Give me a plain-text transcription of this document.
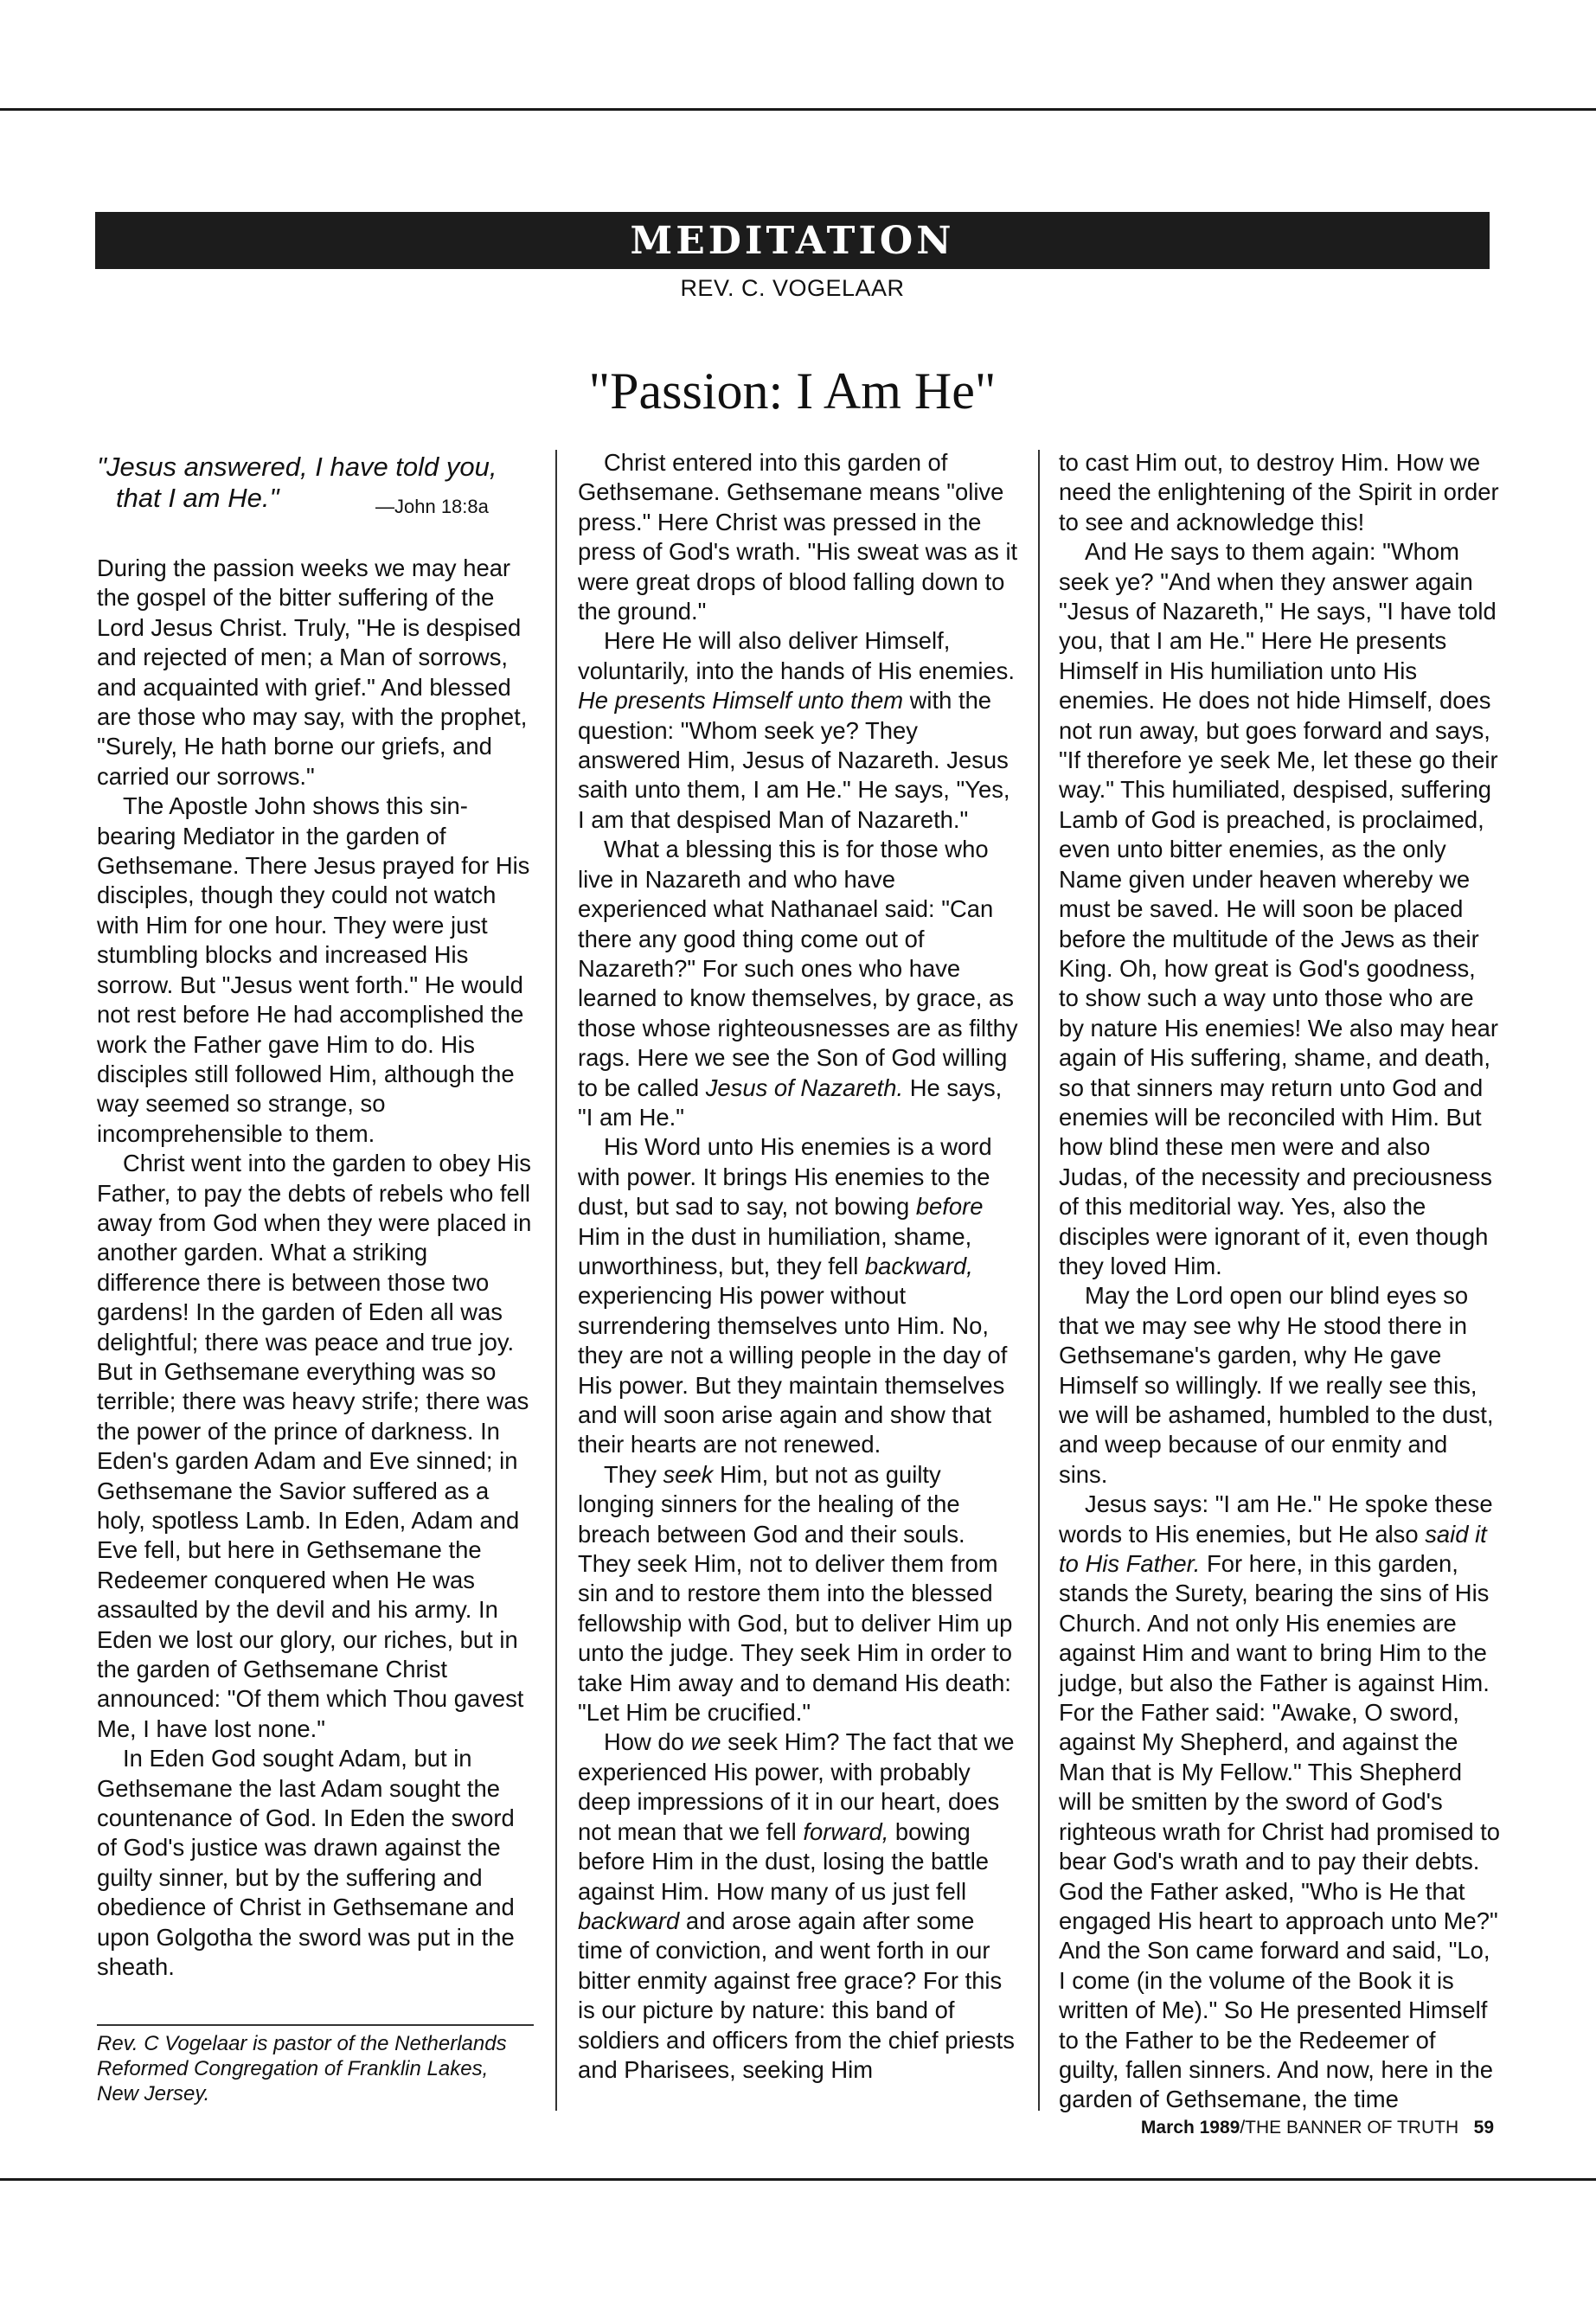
MEDITATION
REV. C. VOGELAAR
"Passion: I Am He"
"Jesus answered, I have told you,
that I am He."	—John 18:8a

During the passion weeks we may hear the gospel of the bitter suffering of the Lord Jesus Christ. Truly, "He is despised and rejected of men; a Man of sorrows, and acquainted with grief." And blessed are those who may say, with the prophet, "Surely, He hath borne our griefs, and carried our sorrows."

The Apostle John shows this sin-bearing Mediator in the garden of Gethsemane. There Jesus prayed for His disciples, though they could not watch with Him for one hour. They were just stumbling blocks and increased His sorrow. But "Jesus went forth." He would not rest before He had accomplished the work the Father gave Him to do. His disciples still followed Him, although the way seemed so strange, so incomprehensible to them.

Christ went into the garden to obey His Father, to pay the debts of rebels who fell away from God when they were placed in another garden. What a striking difference there is between those two gardens! In the garden of Eden all was delightful; there was peace and true joy. But in Gethsemane everything was so terrible; there was heavy strife; there was the power of the prince of darkness. In Eden's garden Adam and Eve sinned; in Gethsemane the Savior suffered as a holy, spotless Lamb. In Eden, Adam and Eve fell, but here in Gethsemane the Redeemer conquered when He was assaulted by the devil and his army. In Eden we lost our glory, our riches, but in the garden of Gethsemane Christ announced: "Of them which Thou gavest Me, I have lost none."

In Eden God sought Adam, but in Gethsemane the last Adam sought the countenance of God. In Eden the sword of God's justice was drawn against the guilty sinner, but by the suffering and obedience of Christ in Gethsemane and upon Golgotha the sword was put in the sheath.

Rev. C Vogelaar is pastor of the Netherlands Reformed Congregation of Franklin Lakes, New Jersey.

Christ entered into this garden of Gethsemane. Gethsemane means "olive press." Here Christ was pressed in the press of God's wrath. "His sweat was as it were great drops of blood falling down to the ground."

Here He will also deliver Himself, voluntarily, into the hands of His enemies. He presents Himself unto them with the question: "Whom seek ye? They answered Him, Jesus of Nazareth. Jesus saith unto them, I am He." He says, "Yes, I am that despised Man of Nazareth."

What a blessing this is for those who live in Nazareth and who have experienced what Nathanael said: "Can there any good thing come out of Nazareth?" For such ones who have learned to know themselves, by grace, as those whose righteousnesses are as filthy rags. Here we see the Son of God willing to be called Jesus of Nazareth. He says, "I am He."

His Word unto His enemies is a word with power. It brings His enemies to the dust, but sad to say, not bowing before Him in the dust in humiliation, shame, unworthiness, but, they fell backward, experiencing His power without surrendering themselves unto Him. No, they are not a willing people in the day of His power. But they maintain themselves and will soon arise again and show that their hearts are not renewed.

They seek Him, but not as guilty longing sinners for the healing of the breach between God and their souls. They seek Him, not to deliver them from sin and to restore them into the blessed fellowship with God, but to deliver Him up unto the judge. They seek Him in order to take Him away and to demand His death: "Let Him be crucified."

How do we seek Him? The fact that we experienced His power, with probably deep impressions of it in our heart, does not mean that we fell forward, bowing before Him in the dust, losing the battle against Him. How many of us just fell backward and arose again after some time of conviction, and went forth in our bitter enmity against free grace? For this is our picture by nature: this band of soldiers and officers from the chief priests and Pharisees, seeking Him

to cast Him out, to destroy Him. How we need the enlightening of the Spirit in order to see and acknowledge this!

And He says to them again: "Whom seek ye? "And when they answer again "Jesus of Nazareth," He says, "I have told you, that I am He." Here He presents Himself in His humiliation unto His enemies. He does not hide Himself, does not run away, but goes forward and says, "If therefore ye seek Me, let these go their way." This humiliated, despised, suffering Lamb of God is preached, is proclaimed, even unto bitter enemies, as the only Name given under heaven whereby we must be saved. He will soon be placed before the multitude of the Jews as their King. Oh, how great is God's goodness, to show such a way unto those who are by nature His enemies! We also may hear again of His suffering, shame, and death, so that sinners may return unto God and enemies will be reconciled with Him. But how blind these men were and also Judas, of the necessity and preciousness of this meditorial way. Yes, also the disciples were ignorant of it, even though they loved Him.

May the Lord open our blind eyes so that we may see why He stood there in Gethsemane's garden, why He gave Himself so willingly. If we really see this, we will be ashamed, humbled to the dust, and weep because of our enmity and sins.

Jesus says: "I am He." He spoke these words to His enemies, but He also said it to His Father. For here, in this garden, stands the Surety, bearing the sins of His Church. And not only His enemies are against Him and want to bring Him to the judge, but also the Father is against Him. For the Father said: "Awake, O sword, against My Shepherd, and against the Man that is My Fellow." This Shepherd will be smitten by the sword of God's righteous wrath for Christ had promised to bear God's wrath and to pay their debts. God the Father asked, "Who is He that engaged His heart to approach unto Me?" And the Son came forward and said, "Lo, I come (in the volume of the Book it is written of Me)." So He presented Himself to the Father to be the Redeemer of guilty, fallen sinners. And now, here in the garden of Gethsemane, the time

March 1989/THE BANNER OF TRUTH 59
